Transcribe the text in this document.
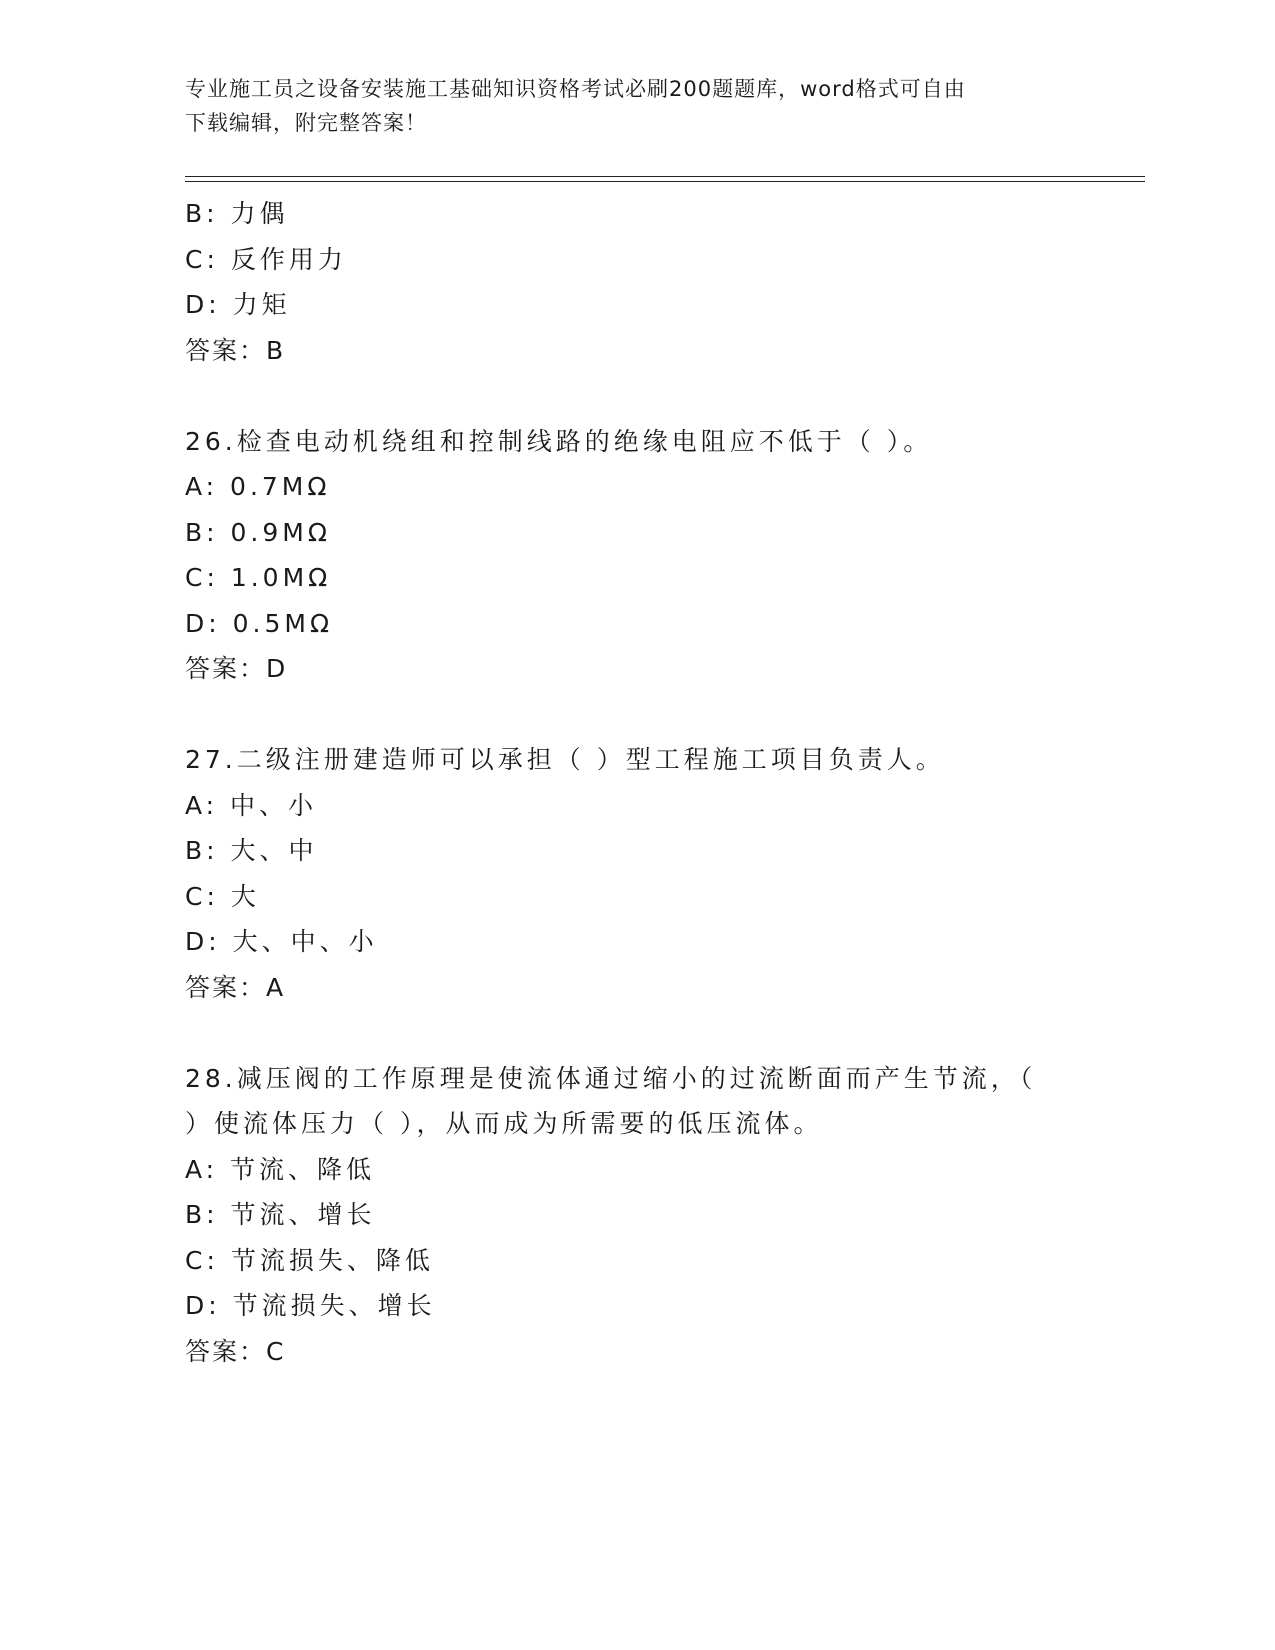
专业施工员之设备安装施工基础知识资格考试必刷200题题库，word格式可自由
下载编辑，附完整答案！
B: 力偶
C: 反作用力
D: 力矩
答案：B
26.检查电动机绕组和控制线路的绝缘电阻应不低于（ ）。
A: 0.7MΩ
B: 0.9MΩ
C: 1.0MΩ
D: 0.5MΩ
答案：D
27.二级注册建造师可以承担（ ）型工程施工项目负责人。
A: 中、小
B: 大、中
C: 大
D: 大、中、小
答案：A
28.减压阀的工作原理是使流体通过缩小的过流断面而产生节流，（
）使流体压力（ ），从而成为所需要的低压流体。
A: 节流、降低
B: 节流、增长
C: 节流损失、降低
D: 节流损失、增长
答案：C
